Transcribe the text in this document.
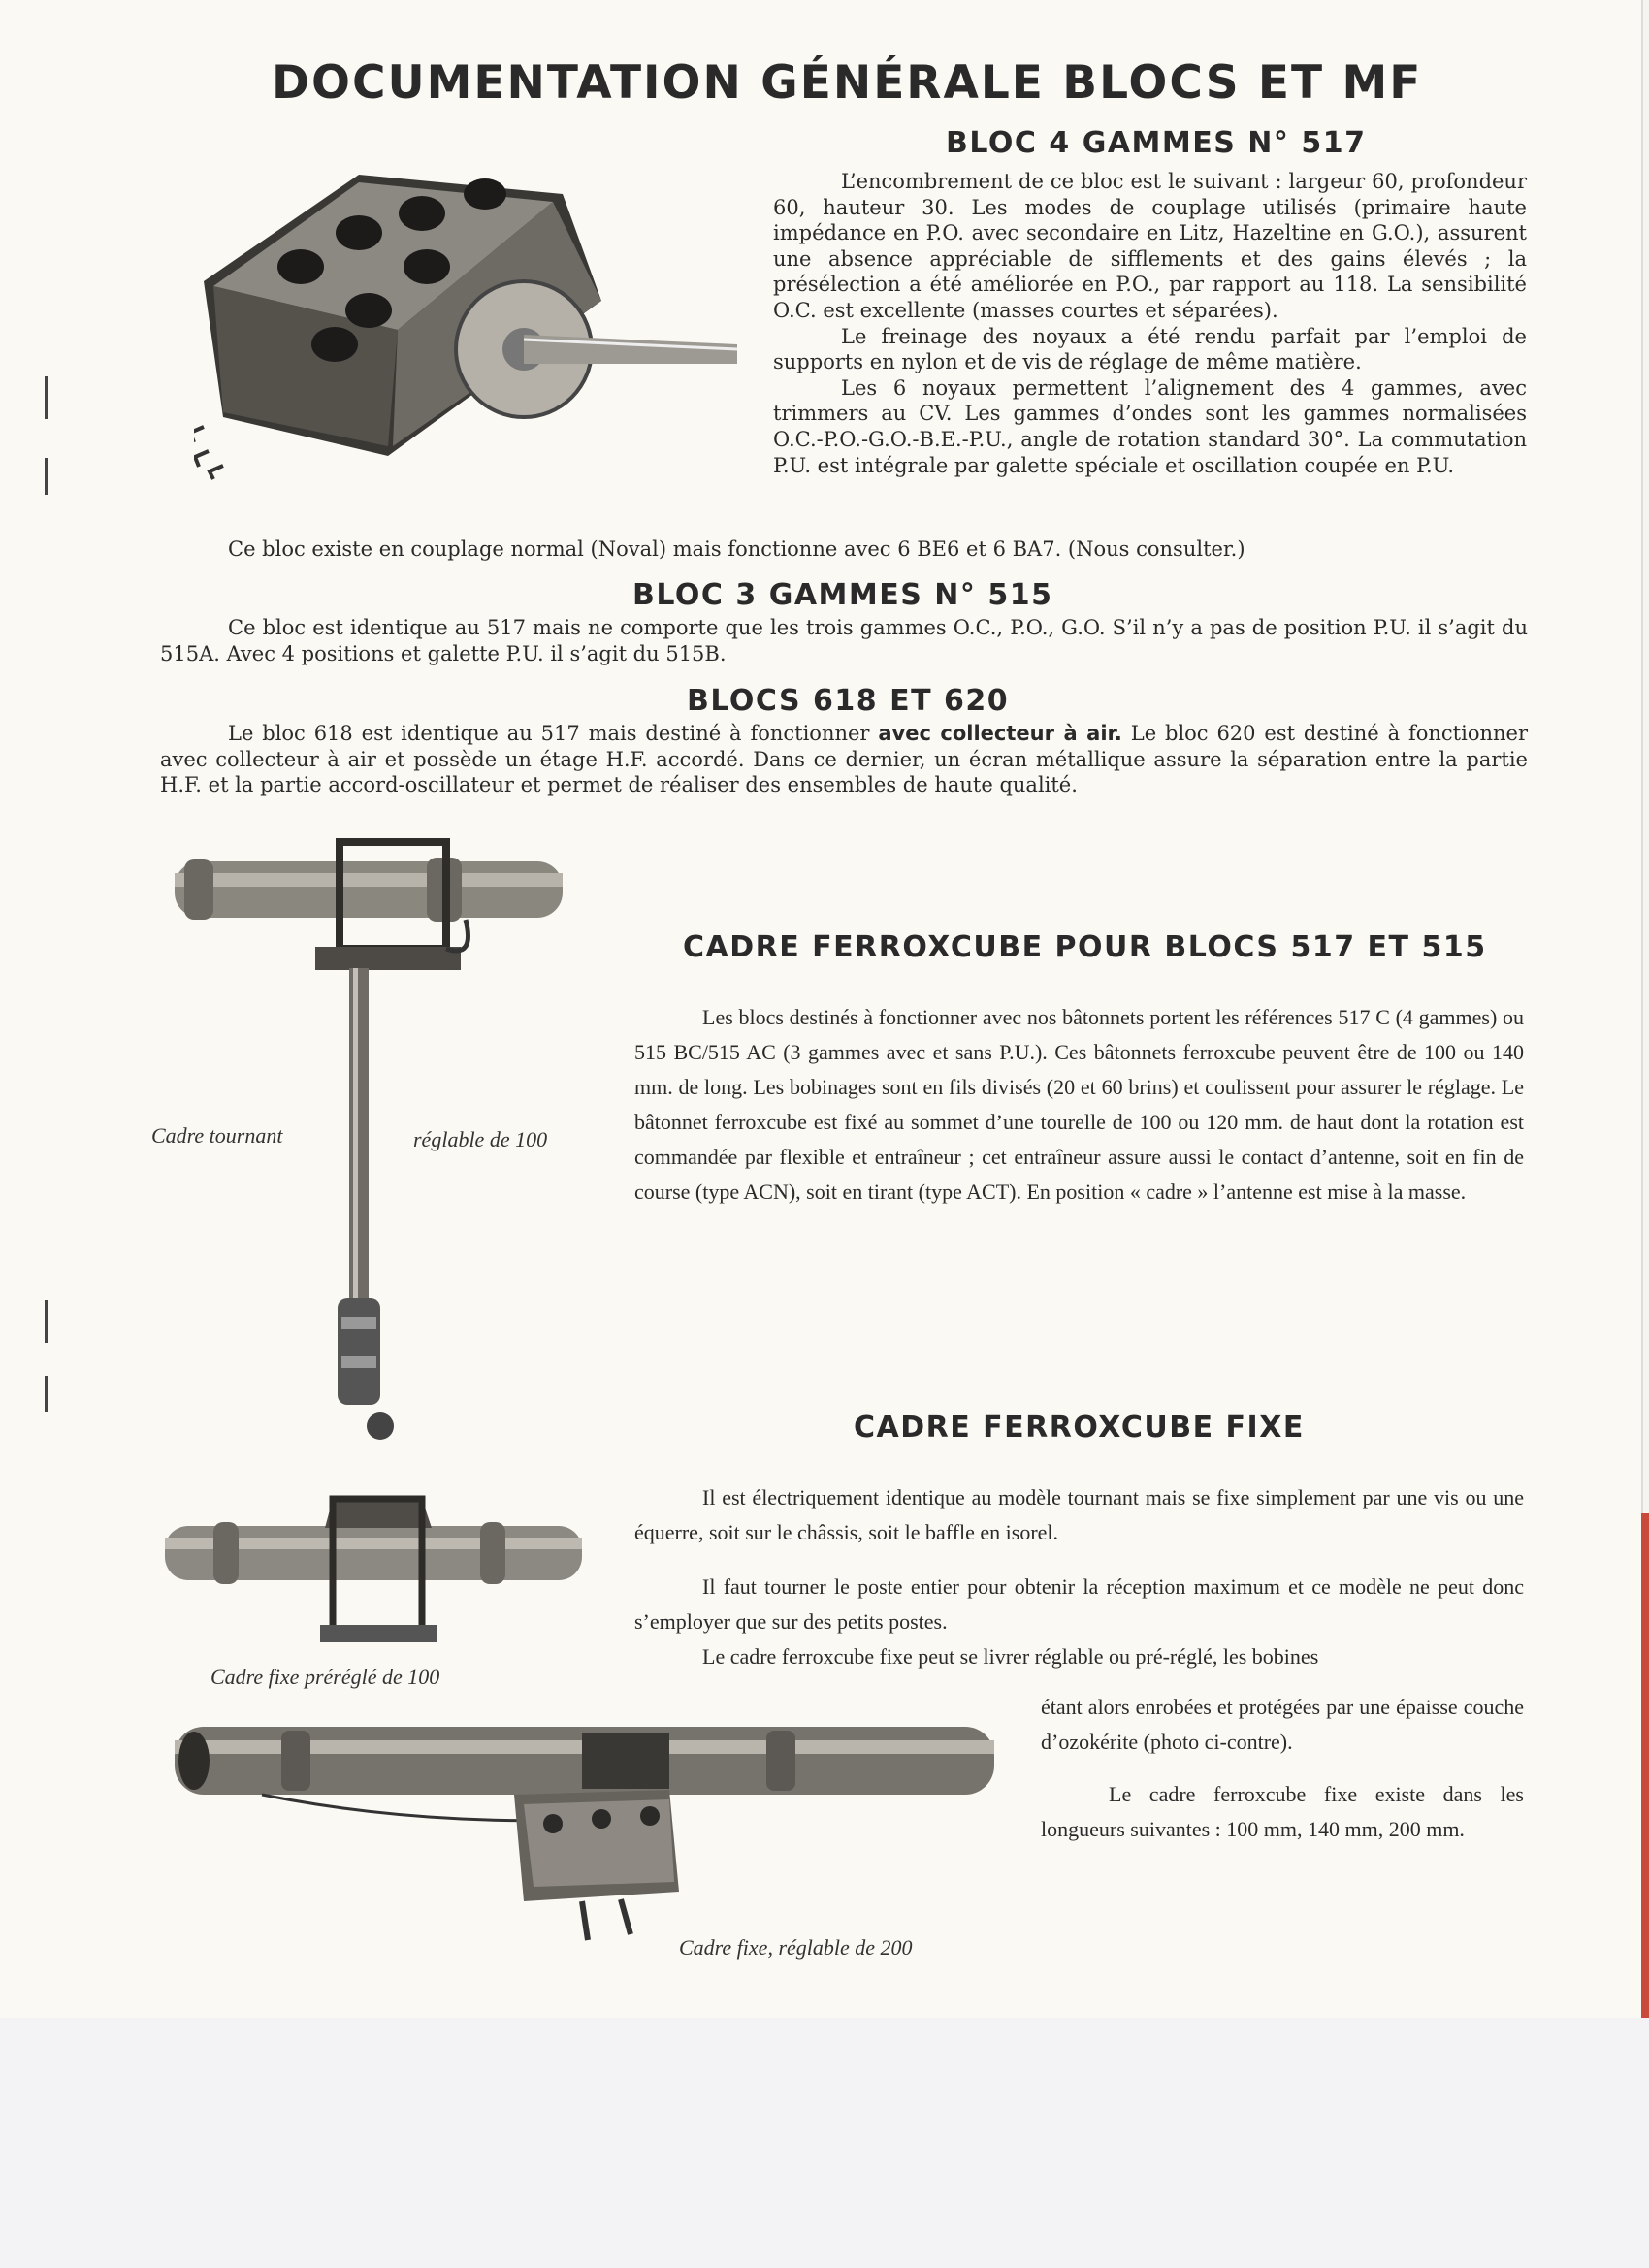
DOCUMENTATION GÉNÉRALE BLOCS ET MF
BLOC 4 GAMMES N° 517

L’encombrement de ce bloc est le suivant : largeur 60, profondeur 60, hauteur 30. Les modes de couplage utilisés (primaire haute impédance en P.O. avec secondaire en Litz, Hazeltine en G.O.), assurent une absence appréciable de sifflements et des gains élevés ; la présélection a été améliorée en P.O., par rapport au 118. La sensibilité O.C. est excellente (masses courtes et séparées).

Le freinage des noyaux a été rendu parfait par l’emploi de supports en nylon et de vis de réglage de même matière.

Les 6 noyaux permettent l’alignement des 4 gammes, avec trimmers au CV. Les gammes d’ondes sont les gammes normalisées O.C.-P.O.-G.O.-B.E.-P.U., angle de rotation standard 30°. La commutation P.U. est intégrale par galette spéciale et oscillation coupée en P.U.

Ce bloc existe en couplage normal (Noval) mais fonctionne avec 6 BE6 et 6 BA7. (Nous consulter.)

BLOC 3 GAMMES N° 515

Ce bloc est identique au 517 mais ne comporte que les trois gammes O.C., P.O., G.O. S’il n’y a pas de position P.U. il s’agit du 515A. Avec 4 positions et galette P.U. il s’agit du 515B.

BLOCS 618 ET 620

Le bloc 618 est identique au 517 mais destiné à fonctionner avec collecteur à air. Le bloc 620 est destiné à fonctionner avec collecteur à air et possède un étage H.F. accordé. Dans ce dernier, un écran métallique assure la séparation entre la partie H.F. et la partie accord-oscillateur et permet de réaliser des ensembles de haute qualité.

Cadre tournant	réglable de 100
CADRE FERROXCUBE POUR BLOCS 517 ET 515

Les blocs destinés à fonctionner avec nos bâtonnets portent les références 517 C (4 gammes) ou 515 BC/515 AC (3 gammes avec et sans P.U.). Ces bâtonnets ferroxcube peuvent être de 100 ou 140 mm. de long. Les bobinages sont en fils divisés (20 et 60 brins) et coulissent pour assurer le réglage. Le bâtonnet ferroxcube est fixé au sommet d’une tourelle de 100 ou 120 mm. de haut dont la rotation est commandée par flexible et entraîneur ; cet entraîneur assure aussi le contact d’antenne, soit en fin de course (type ACN), soit en tirant (type ACT). En position « cadre » l’antenne est mise à la masse.

CADRE FERROXCUBE FIXE

Il est électriquement identique au modèle tournant mais se fixe simplement par une vis ou une équerre, soit sur le châssis, soit le baffle en isorel.

Il faut tourner le poste entier pour obtenir la réception maximum et ce modèle ne peut donc s’employer que sur des petits postes.

Le cadre ferroxcube fixe peut se livrer réglable ou pré-réglé, les bobines

étant alors enrobées et protégées par une épaisse couche d’ozokérite (photo ci-contre).

Le cadre ferroxcube fixe existe dans les longueurs suivantes : 100 mm, 140 mm, 200 mm.

Cadre fixe préréglé de 100
Cadre fixe, réglable de 200
